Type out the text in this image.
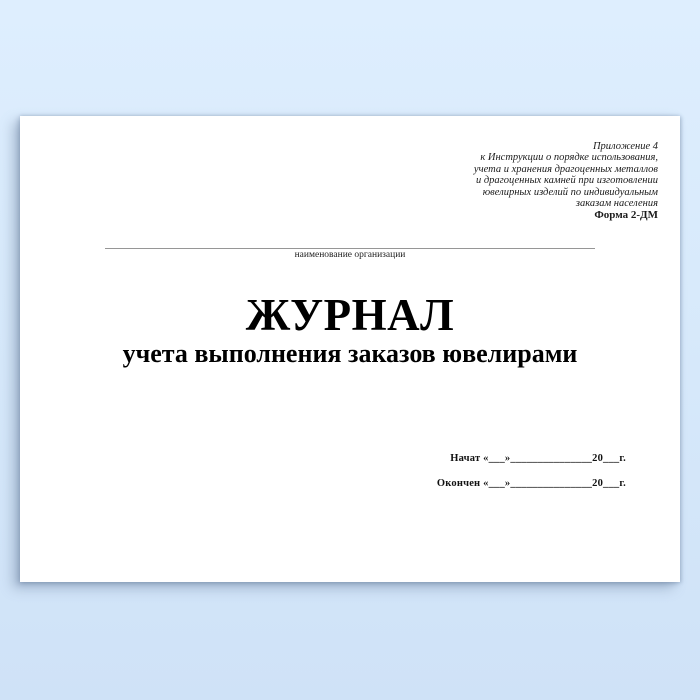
Приложение 4
к Инструкции о порядке использования,
учета и хранения драгоценных металлов
и драгоценных камней при изготовлении
ювелирных изделий по индивидуальным
заказам населения
Форма 2-ДМ
наименование организации
ЖУРНАЛ
учета выполнения заказов ювелирами
Начат «___»_______________20___г.
Окончен «___»_______________20___г.
